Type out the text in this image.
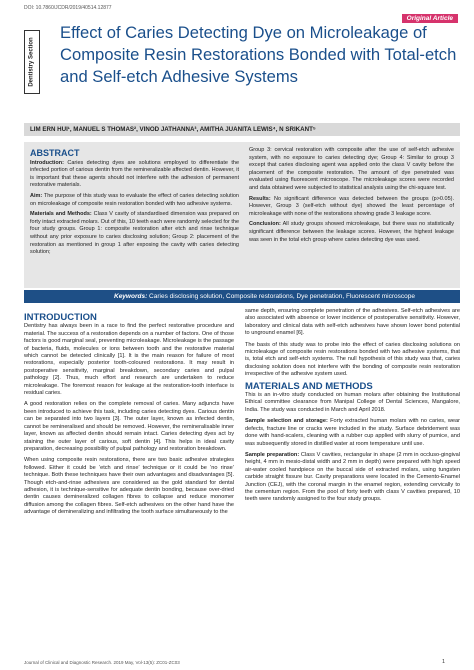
DOI: 10.7860/JCDR/2019/40514.12877
Original Article
Dentistry Section
Effect of Caries Detecting Dye on Microleakage of Composite Resin Restorations Bonded with Total-etch and Self-etch Adhesive Systems
LIM ERN HUI¹, MANUEL S THOMAS², VINOD JATHANNA³, AMITHA JUANITA LEWIS⁴, N SRIKANT⁵
ABSTRACT

Introduction: Caries detecting dyes are solutions employed to differentiate the infected portion of carious dentin from the remineralizable affected dentin. However, it is important that these agents should not interfere with the adhesion of permanent restorative materials.

Aim: The purpose of this study was to evaluate the effect of caries detecting solution on microleakage of composite resin restoration bonded with two adhesive systems.

Materials and Methods: Class V cavity of standardised dimension was prepared on forty intact extracted molars. Out of this, 10 teeth each were randomly selected for the four study groups. Group 1: composite restoration after etch and rinse technique without any prior exposure to caries disclosing solution; Group 2: placement of the restoration as mentioned in group 1 after exposing the cavity with caries detecting solution;

Group 3: cervical restoration with composite after the use of self-etch adhesive system, with no exposure to caries detecting dye; Group 4: Similar to group 3 except that caries disclosing agent was applied onto the class V cavity before the placement of the composite restoration. The amount of dye penetrated was evaluated using fluorescent microscope. The microleakage scores were recorded and data obtained were subjected to statistical analysis using the chi-square test.

Results: No significant difference was detected between the groups (p>0.05). However, Group 3 (self-etch without dye) showed the least percentage of microleakage with none of the restorations showing grade 3 leakage score.

Conclusion: All study groups showed microleakage, but there was no statistically significant difference between the leakage scores. However, the highest leakage was seen in the total etch group where caries detecting dye was used.

Keywords: Caries disclosing solution, Composite restorations, Dye penetration, Fluorescent microscope
INTRODUCTION

Dentistry has always been in a race to find the perfect restorative procedure and material. The success of a restoration depends on a number of factors. One of those factors is good marginal seal, preventing microleakage. Microleakage is the passage of bacteria, fluids, molecules or ions between tooth and the restorative material which cannot be detected clinically [1]. It is the main reason for failure of most restorations, especially posterior tooth-coloured restorations. It may result in postoperative sensitivity, marginal breakdown, secondary caries and pulpal pathology [2]. Thus, much effort and research are undertaken to reduce microleakage. The foremost reason for leakage at the restoration-tooth interface is residual caries.

A good restoration relies on the complete removal of caries. Many adjuncts have been introduced to achieve this task, including caries detecting dyes. Carious dentin can be separated into two layers [3]. The outer layer, known as infected dentin, cannot be remineralised and should be removed. However, the remineralisable inner layer, known as affected dentin should remain intact. Caries detecting dyes act by staining the outer layer of carious, soft dentin [4]. This helps in ideal cavity preparation, decreasing possibility of pulpal pathology and restoration breakdown.

When using composite resin restorations, there are two basic adhesive strategies followed. Either it could be ‘etch and rinse’ technique or it could be ‘no rinse’ technique. Both these techniques have their own advantages and disadvantages [5]. Though etch-and-rinse adhesives are considered as the gold standard for dental adhesion, it is technique-sensitive for adequate dentin bonding, because over-dried dentin causes demineralized collagen fibres to collapse and reduce monomer diffusion among the collagen fibres. Self-etch adhesives on the other hand have the advantage of demineralizing and infiltrating the tooth surface simultaneously to the

same depth, ensuring complete penetration of the adhesives. Self-etch adhesives are also associated with absence or lower incidence of postoperative sensitivity. However, laboratory and clinical data with self-etch adhesives have shown lower bond potential to unground enamel [6].

The basis of this study was to probe into the effect of caries disclosing solutions on microleakage of composite resin restorations bonded with two adhesive systems, that is, total etch and self-etch systems. The null hypothesis of this study was that, caries disclosing solution does not interfere with the bonding of composite resin restoration irrespective of the adhesive system used.

MATERIALS AND METHODS

This is an in-vitro study conducted on human molars after obtaining the Institutional Ethical committee clearance from Manipal College of Dental Sciences, Mangalore, India. The study was conducted in March and April 2018.

Sample selection and storage: Forty extracted human molars with no caries, wear defects, fracture line or cracks were included in the study. Surface debridement was done with hand-scalers, cleaning with a rubber cup applied with slurry of pumice, and was subsequently stored in distilled water at room temperature until use.

Sample preparation: Class V cavities, rectangular in shape (2 mm in occluso-gingival height, 4 mm in mesio-distal width and 2 mm in depth) were prepared with high speed air-water cooled handpiece on the buccal side of extracted molars, using tungsten carbide straight fissure bur. Cavity preparations were located in the Cemento-Enamel Junction (CEJ), with the coronal margin in the enamel region, extending cervically to the cementum region. From the pool of forty teeth with class V cavities prepared, 10 teeth were randomly assigned to the four study groups.

Journal of Clinical and Diagnostic Research. 2019 May, Vol-13(5): ZC01-ZC03	1
